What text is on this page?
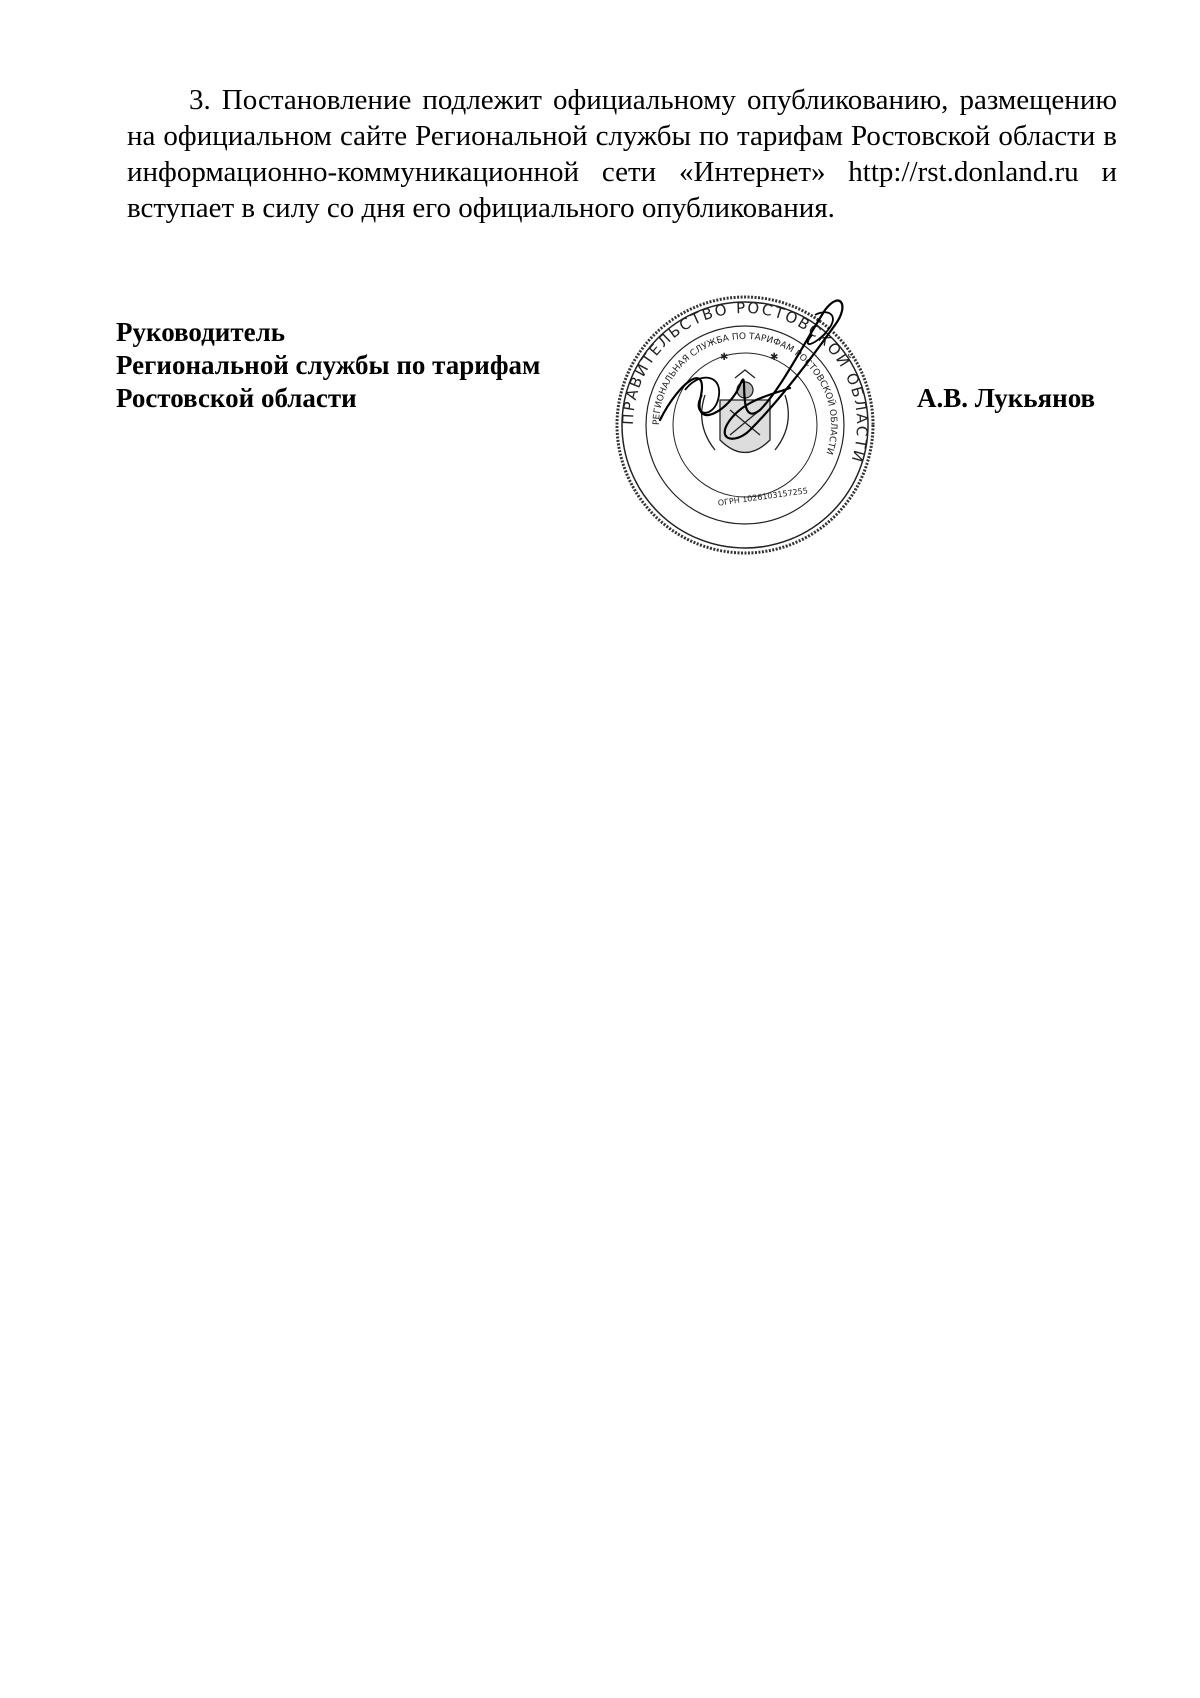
3. Постановление подлежит официальному опубликованию, размещению на официальном сайте Региональной службы по тарифам Ростовской области в информационно-коммуникационной сети «Интернет» http://rst.donland.ru и вступает в силу со дня его официального опубликования.

Руководитель
Региональной службы по тарифам
Ростовской области
ПРАВИТЕЛЬСТВО РОСТОВСКОЙ ОБЛАСТИ
РЕГИОНАЛЬНАЯ СЛУЖБА ПО ТАРИФАМ РОСТОВСКОЙ ОБЛАСТИ
ОГРН 1026103157255
✱	✱
А.В. Лукьянов
